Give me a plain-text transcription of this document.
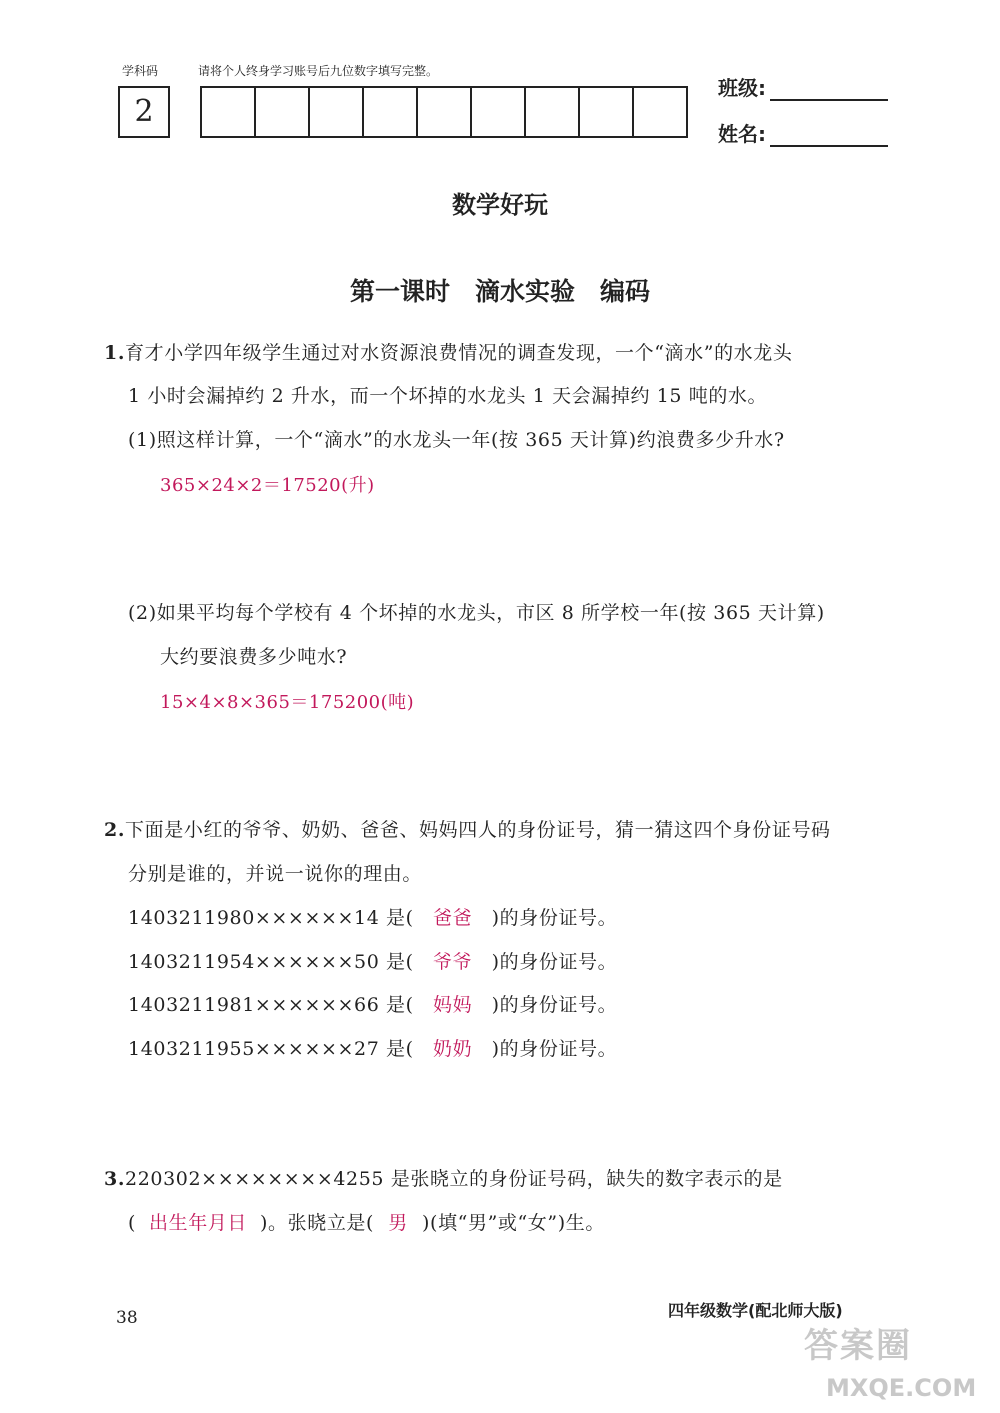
学科码	请将个人终身学习账号后九位数字填写完整。
2
班级:
姓名:
数学好玩
第一课时　滴水实验　编码
1.育才小学四年级学生通过对水资源浪费情况的调查发现，一个“滴水”的水龙头
1 小时会漏掉约 2 升水，而一个坏掉的水龙头 1 天会漏掉约 15 吨的水。
(1)照这样计算，一个“滴水”的水龙头一年(按 365 天计算)约浪费多少升水?
365×24×2＝17520(升)
(2)如果平均每个学校有 4 个坏掉的水龙头，市区 8 所学校一年(按 365 天计算)
大约要浪费多少吨水?
15×4×8×365＝175200(吨)
2.下面是小红的爷爷、奶奶、爸爸、妈妈四人的身份证号，猜一猜这四个身份证号码
分别是谁的，并说一说你的理由。
1403211980××××××14 是( 爸爸 )的身份证号。
1403211954××××××50 是( 爷爷 )的身份证号。
1403211981××××××66 是( 妈妈 )的身份证号。
1403211955××××××27 是( 奶奶 )的身份证号。
3.220302××××××××4255 是张晓立的身份证号码，缺失的数字表示的是
( 出生年月日 )。张晓立是( 男 )(填“男”或“女”)生。
38	四年级数学(配北师大版)
答案圈
MXQE.COM
